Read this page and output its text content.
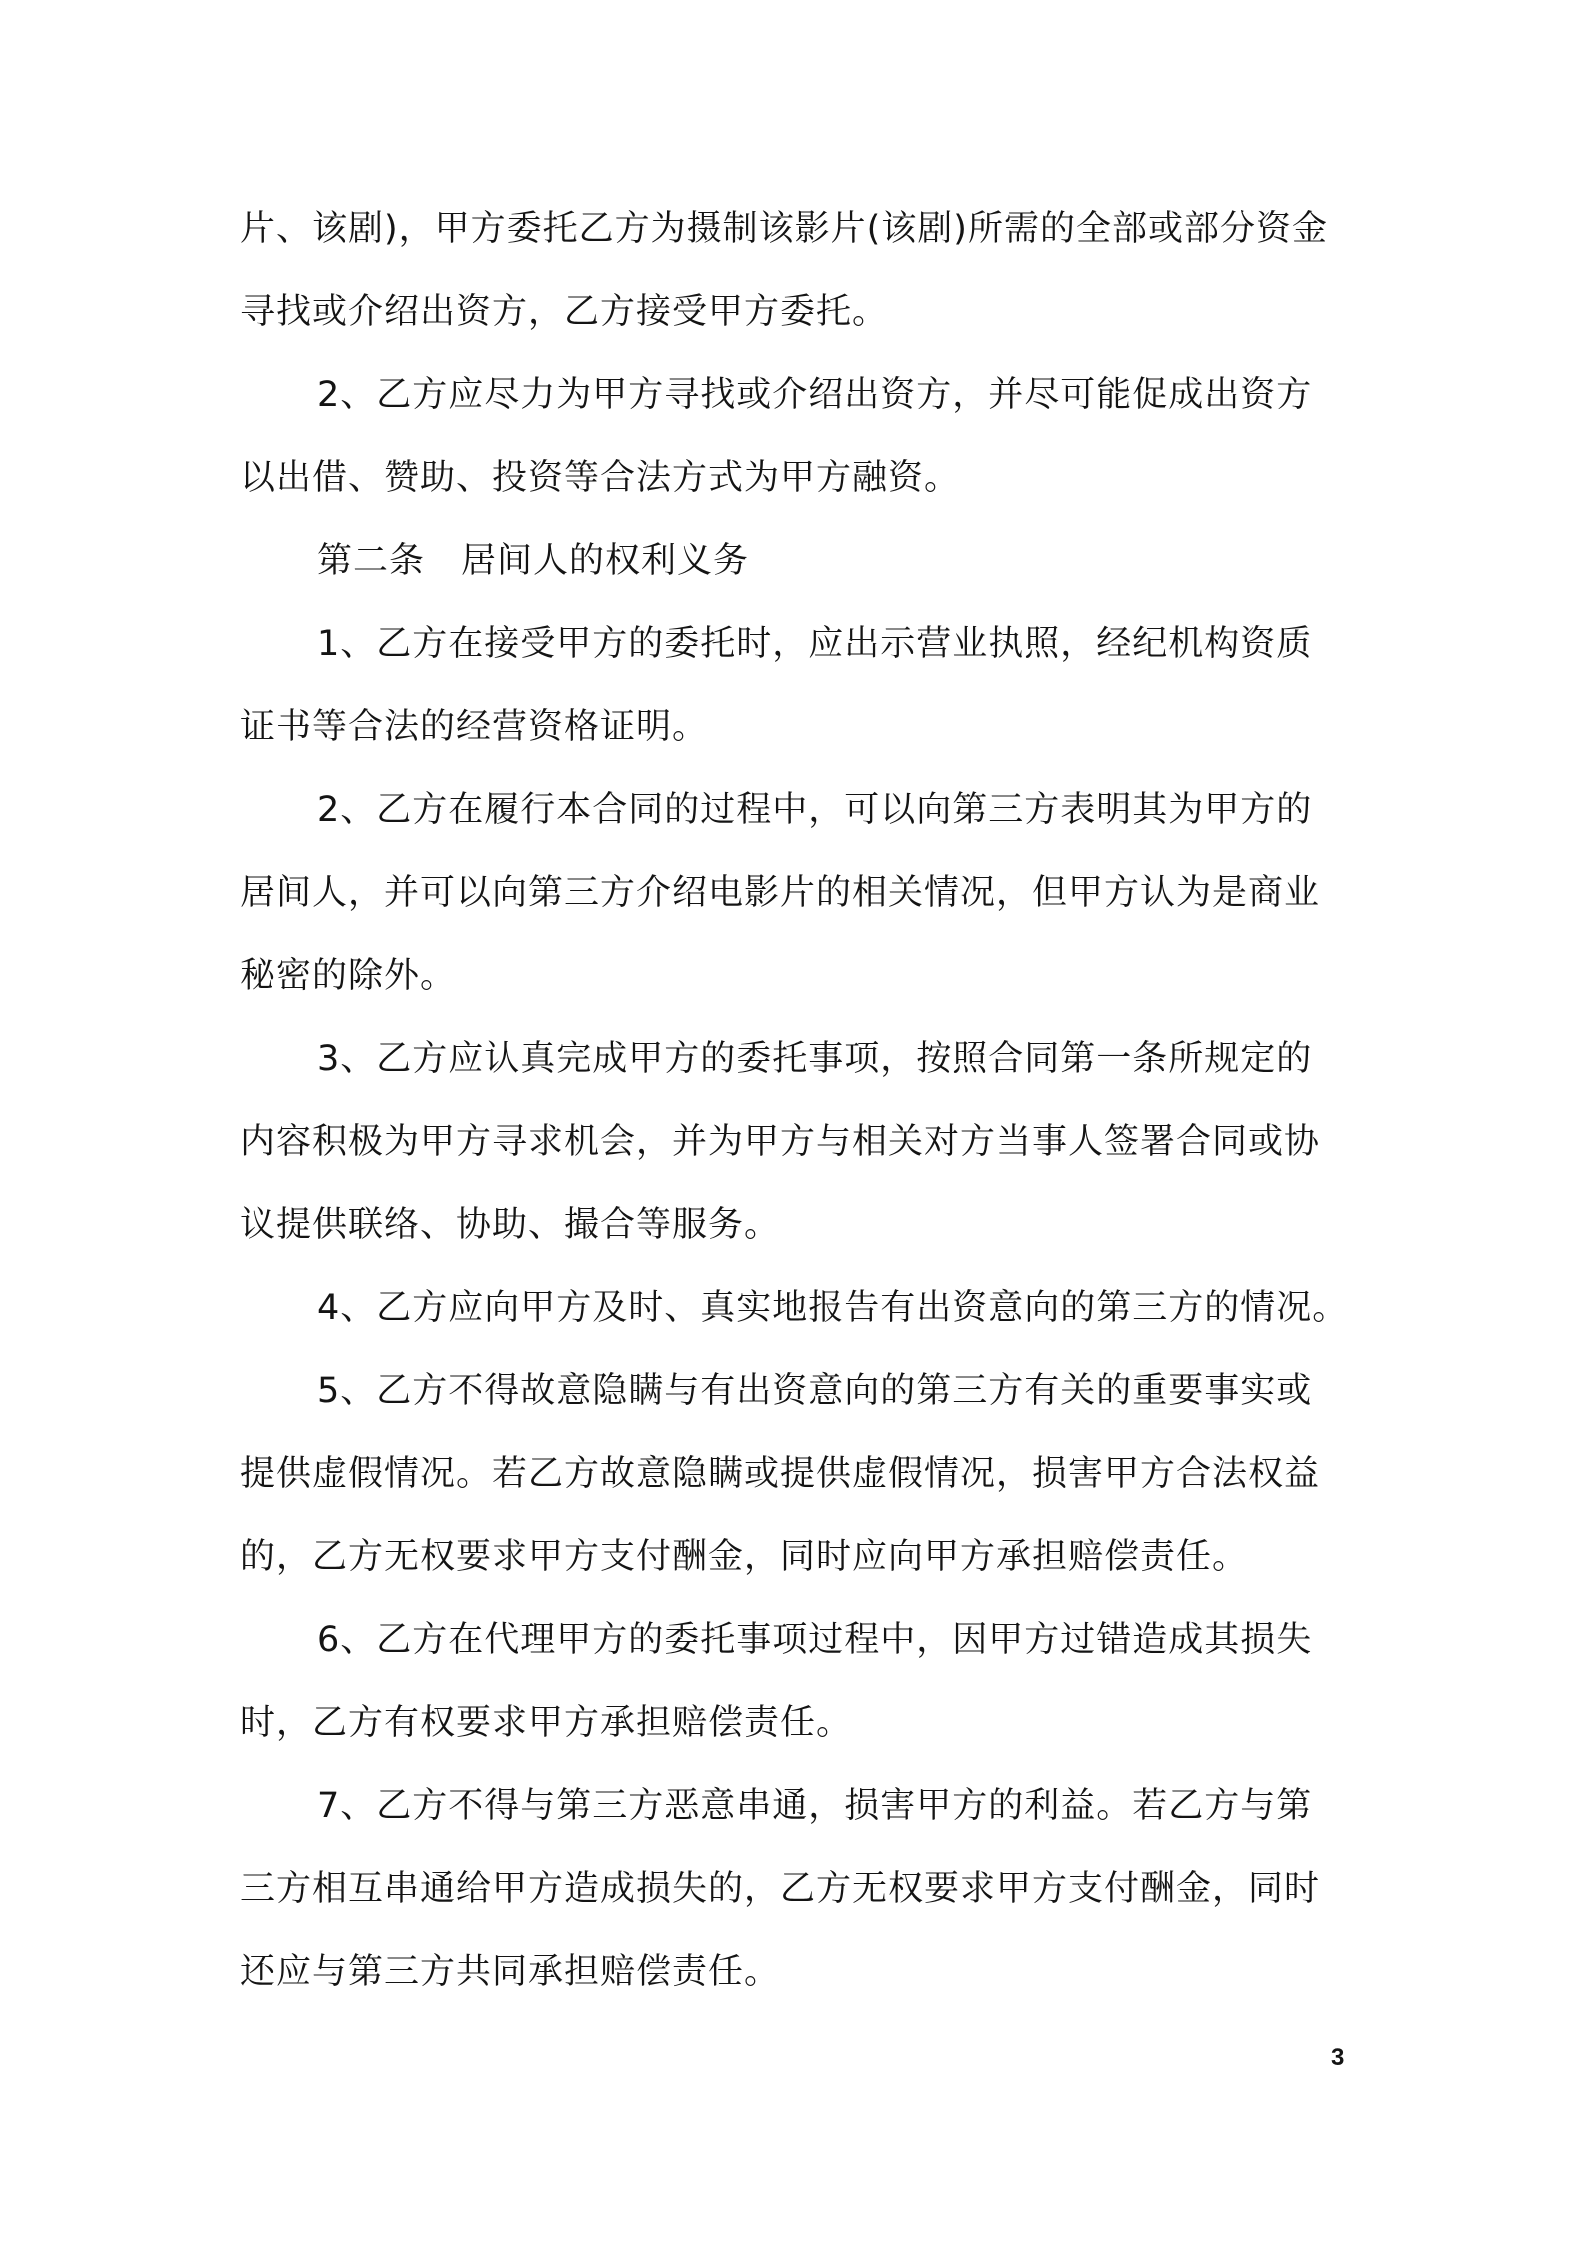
片、该剧)，甲方委托乙方为摄制该影片(该剧)所需的全部或部分资金

寻找或介绍出资方，乙方接受甲方委托。

2、乙方应尽力为甲方寻找或介绍出资方，并尽可能促成出资方

以出借、赞助、投资等合法方式为甲方融资。

第二条　居间人的权利义务

1、乙方在接受甲方的委托时，应出示营业执照，经纪机构资质

证书等合法的经营资格证明。

2、乙方在履行本合同的过程中，可以向第三方表明其为甲方的

居间人，并可以向第三方介绍电影片的相关情况，但甲方认为是商业

秘密的除外。

3、乙方应认真完成甲方的委托事项，按照合同第一条所规定的

内容积极为甲方寻求机会，并为甲方与相关对方当事人签署合同或协

议提供联络、协助、撮合等服务。

4、乙方应向甲方及时、真实地报告有出资意向的第三方的情况。

5、乙方不得故意隐瞒与有出资意向的第三方有关的重要事实或

提供虚假情况。若乙方故意隐瞒或提供虚假情况，损害甲方合法权益

的，乙方无权要求甲方支付酬金，同时应向甲方承担赔偿责任。

6、乙方在代理甲方的委托事项过程中，因甲方过错造成其损失

时，乙方有权要求甲方承担赔偿责任。

7、乙方不得与第三方恶意串通，损害甲方的利益。若乙方与第

三方相互串通给甲方造成损失的，乙方无权要求甲方支付酬金，同时

还应与第三方共同承担赔偿责任。

3
